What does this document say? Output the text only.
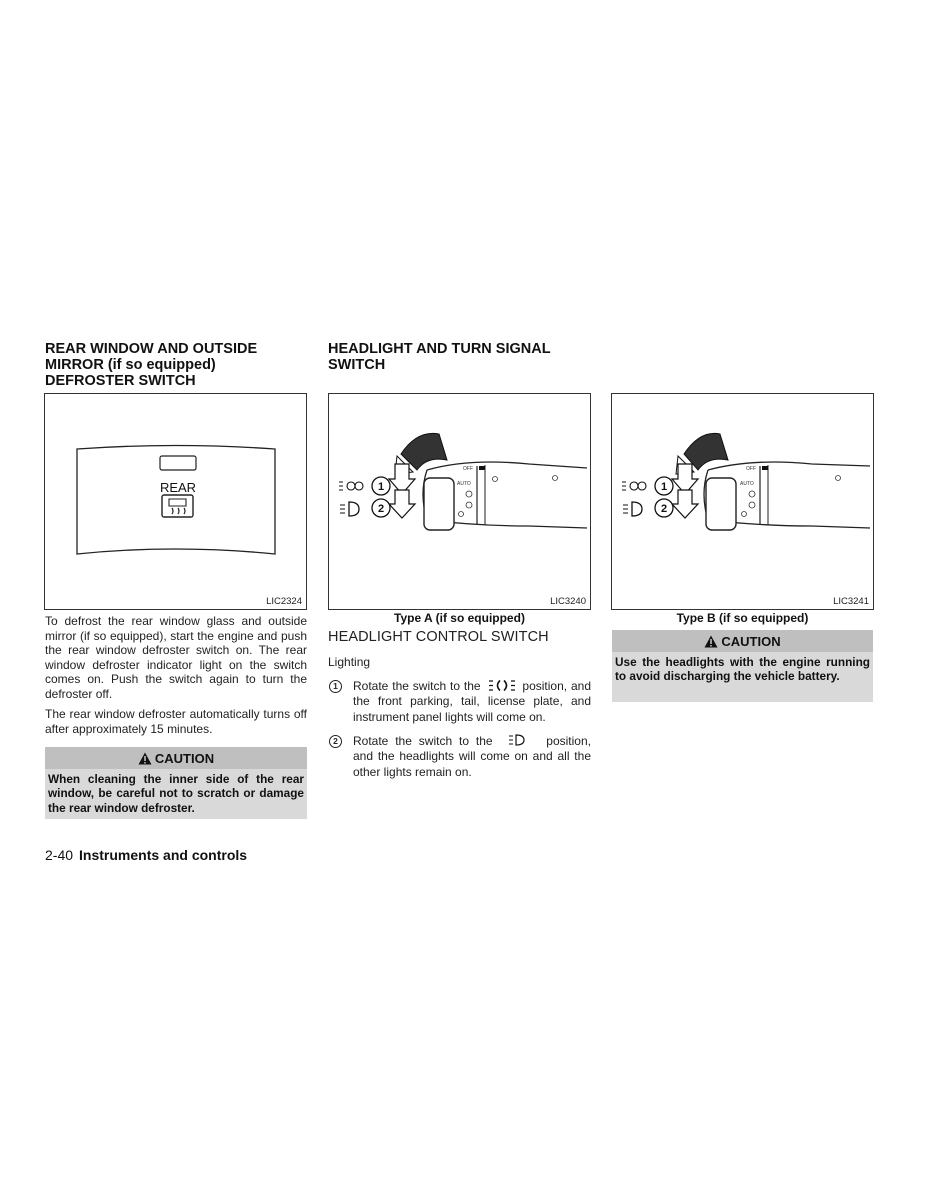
REAR WINDOW AND OUTSIDE

MIRROR (if so equipped)

DEFROSTER SWITCH

REAR
LIC2324

To defrost the rear window glass and outside mirror (if so equipped), start the engine and push the rear window defroster switch on. The rear window defroster indicator light on the switch comes on. Push the switch again to turn the defroster off.

The rear window defroster automatically turns off after approximately 15 minutes.

CAUTION
When cleaning the inner side of the rear window, be careful not to scratch or damage the rear window defroster.
2-40 Instruments and controls

HEADLIGHT AND TURN SIGNAL

SWITCH

OFF
AUTO
1
2
LIC3240
Type A (if so equipped)
HEADLIGHT CONTROL SWITCH
Lighting
1	Rotate the switch to the	position, and the front parking, tail, license plate, and instrument panel lights will come on.
2	Rotate the switch to the	position, and the headlights will come on and all the other lights remain on.
OFF
AUTO
1
2
LIC3241
Type B (if so equipped)
CAUTION
Use the headlights with the engine running to avoid discharging the vehicle battery.
